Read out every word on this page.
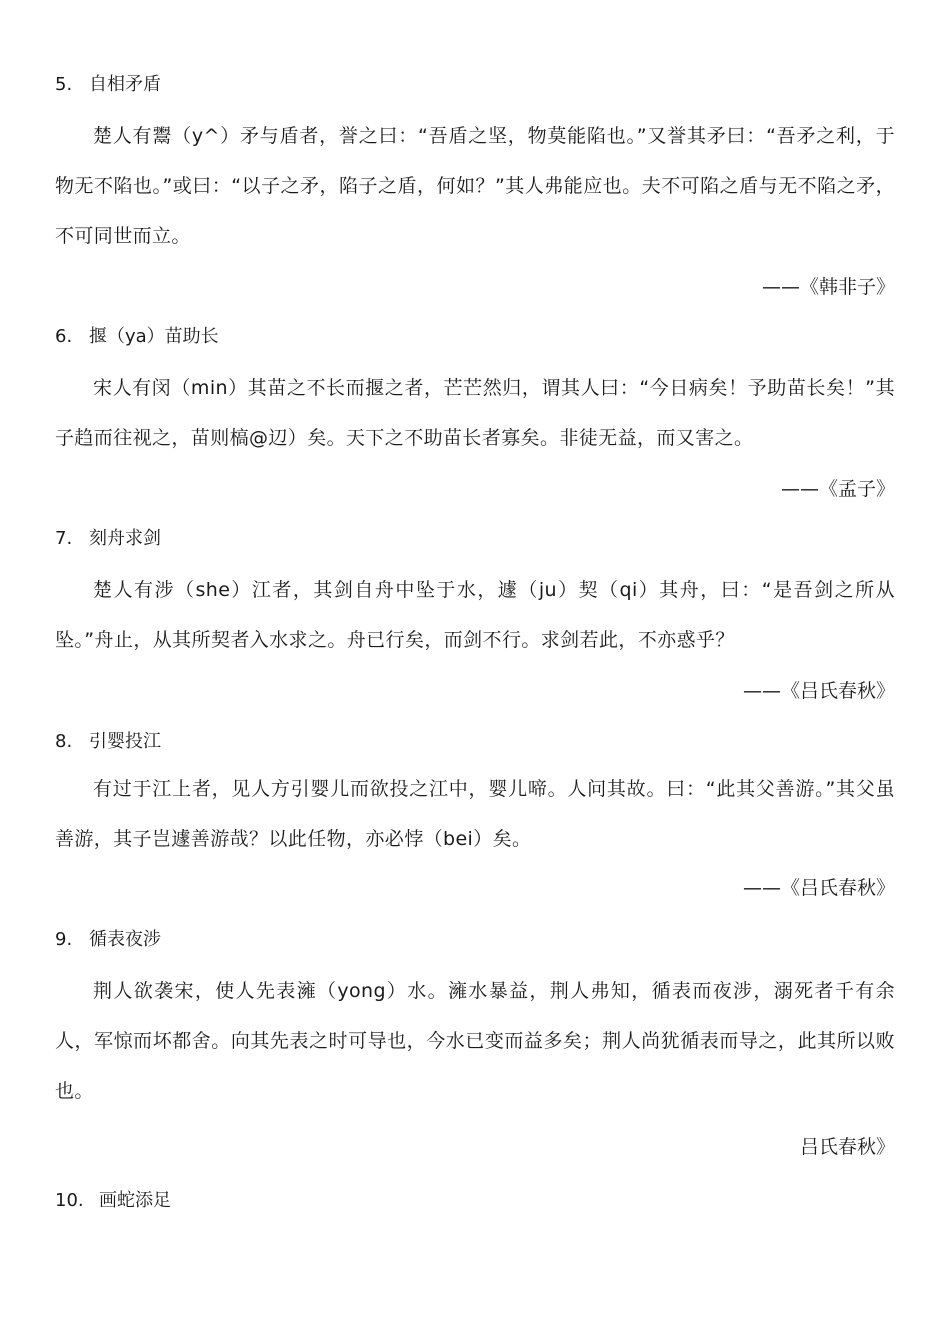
5. 自相矛盾

楚人有鬻（y^）矛与盾者，誉之曰：“吾盾之坚，物莫能陷也。”又誉其矛曰：“吾矛之利，于物无不陷也。”或曰：“以子之矛，陷子之盾，何如？”其人弗能应也。夫不可陷之盾与无不陷之矛，不可同世而立。

——《韩非子》
6. 揠（ya）苗助长

宋人有闵（min）其苗之不长而揠之者，芒芒然归，谓其人曰：“今日病矣！予助苗长矣！”其子趋而往视之，苗则槁@辺）矣。天下之不助苗长者寡矣。非徒无益，而又害之。

——《孟子》
7. 刻舟求剑

楚人有涉（she）江者，其剑自舟中坠于水，遽（ju）契（qi）其舟，曰：“是吾剑之所从坠。”舟止，从其所契者入水求之。舟已行矣，而剑不行。求剑若此，不亦惑乎？

——《吕氏春秋》
8. 引婴投江

有过于江上者，见人方引婴儿而欲投之江中，婴儿啼。人问其故。曰：“此其父善游。”其父虽善游，其子岂遽善游哉？以此任物，亦必悖（bei）矣。

——《吕氏春秋》
9. 循表夜涉

荆人欲袭宋，使人先表澭（yong）水。澭水暴益，荆人弗知，循表而夜涉，溺死者千有余人，军惊而坏都舍。向其先表之时可导也，今水已变而益多矣；荆人尚犹循表而导之，此其所以败也。

吕氏春秋》
10. 画蛇添足
